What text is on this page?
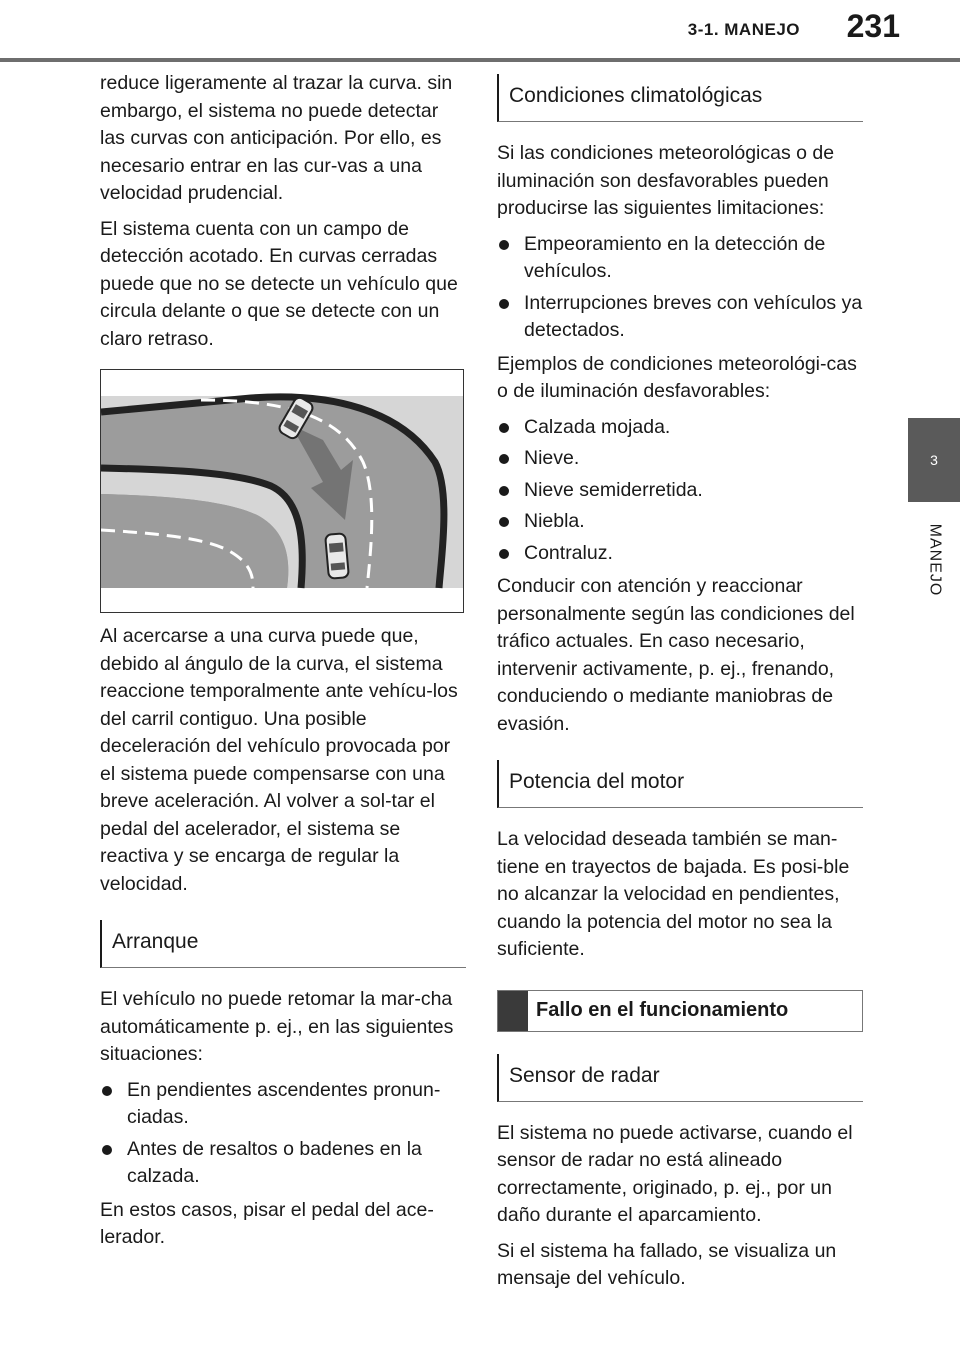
3-1. MANEJO	231
3
MANEJO

reduce ligeramente al trazar la curva. sin embargo, el sistema no puede detectar las curvas con anticipación. Por ello, es necesario entrar en las cur-vas a una velocidad prudencial.

El sistema cuenta con un campo de detección acotado. En curvas cerradas puede que no se detecte un vehículo que circula delante o que se detecte con un claro retraso.

Al acercarse a una curva puede que, debido al ángulo de la curva, el sistema reaccione temporalmente ante vehícu-los del carril contiguo. Una posible deceleración del vehículo provocada por el sistema puede compensarse con una breve aceleración. Al volver a sol-tar el pedal del acelerador, el sistema se reactiva y se encarga de regular la velocidad.

Arranque

El vehículo no puede retomar la mar-cha automáticamente p. ej., en las siguientes situaciones:

En pendientes ascendentes pronun-ciadas.
Antes de resaltos o badenes en la calzada.

En estos casos, pisar el pedal del ace-lerador.

Condiciones climatológicas

Si las condiciones meteorológicas o de iluminación son desfavorables pueden producirse las siguientes limitaciones:

Empeoramiento en la detección de vehículos.
Interrupciones breves con vehículos ya detectados.

Ejemplos de condiciones meteorológi-cas o de iluminación desfavorables:

Calzada mojada.
Nieve.
Nieve semiderretida.
Niebla.
Contraluz.

Conducir con atención y reaccionar personalmente según las condiciones del tráfico actuales. En caso necesario, intervenir activamente, p. ej., frenando, conduciendo o mediante maniobras de evasión.

Potencia del motor

La velocidad deseada también se man-tiene en trayectos de bajada. Es posi-ble no alcanzar la velocidad en pendientes, cuando la potencia del motor no sea la suficiente.

Fallo en el funcionamiento
Sensor de radar

El sistema no puede activarse, cuando el sensor de radar no está alineado correctamente, originado, p. ej., por un daño durante el aparcamiento.

Si el sistema ha fallado, se visualiza un mensaje del vehículo.
